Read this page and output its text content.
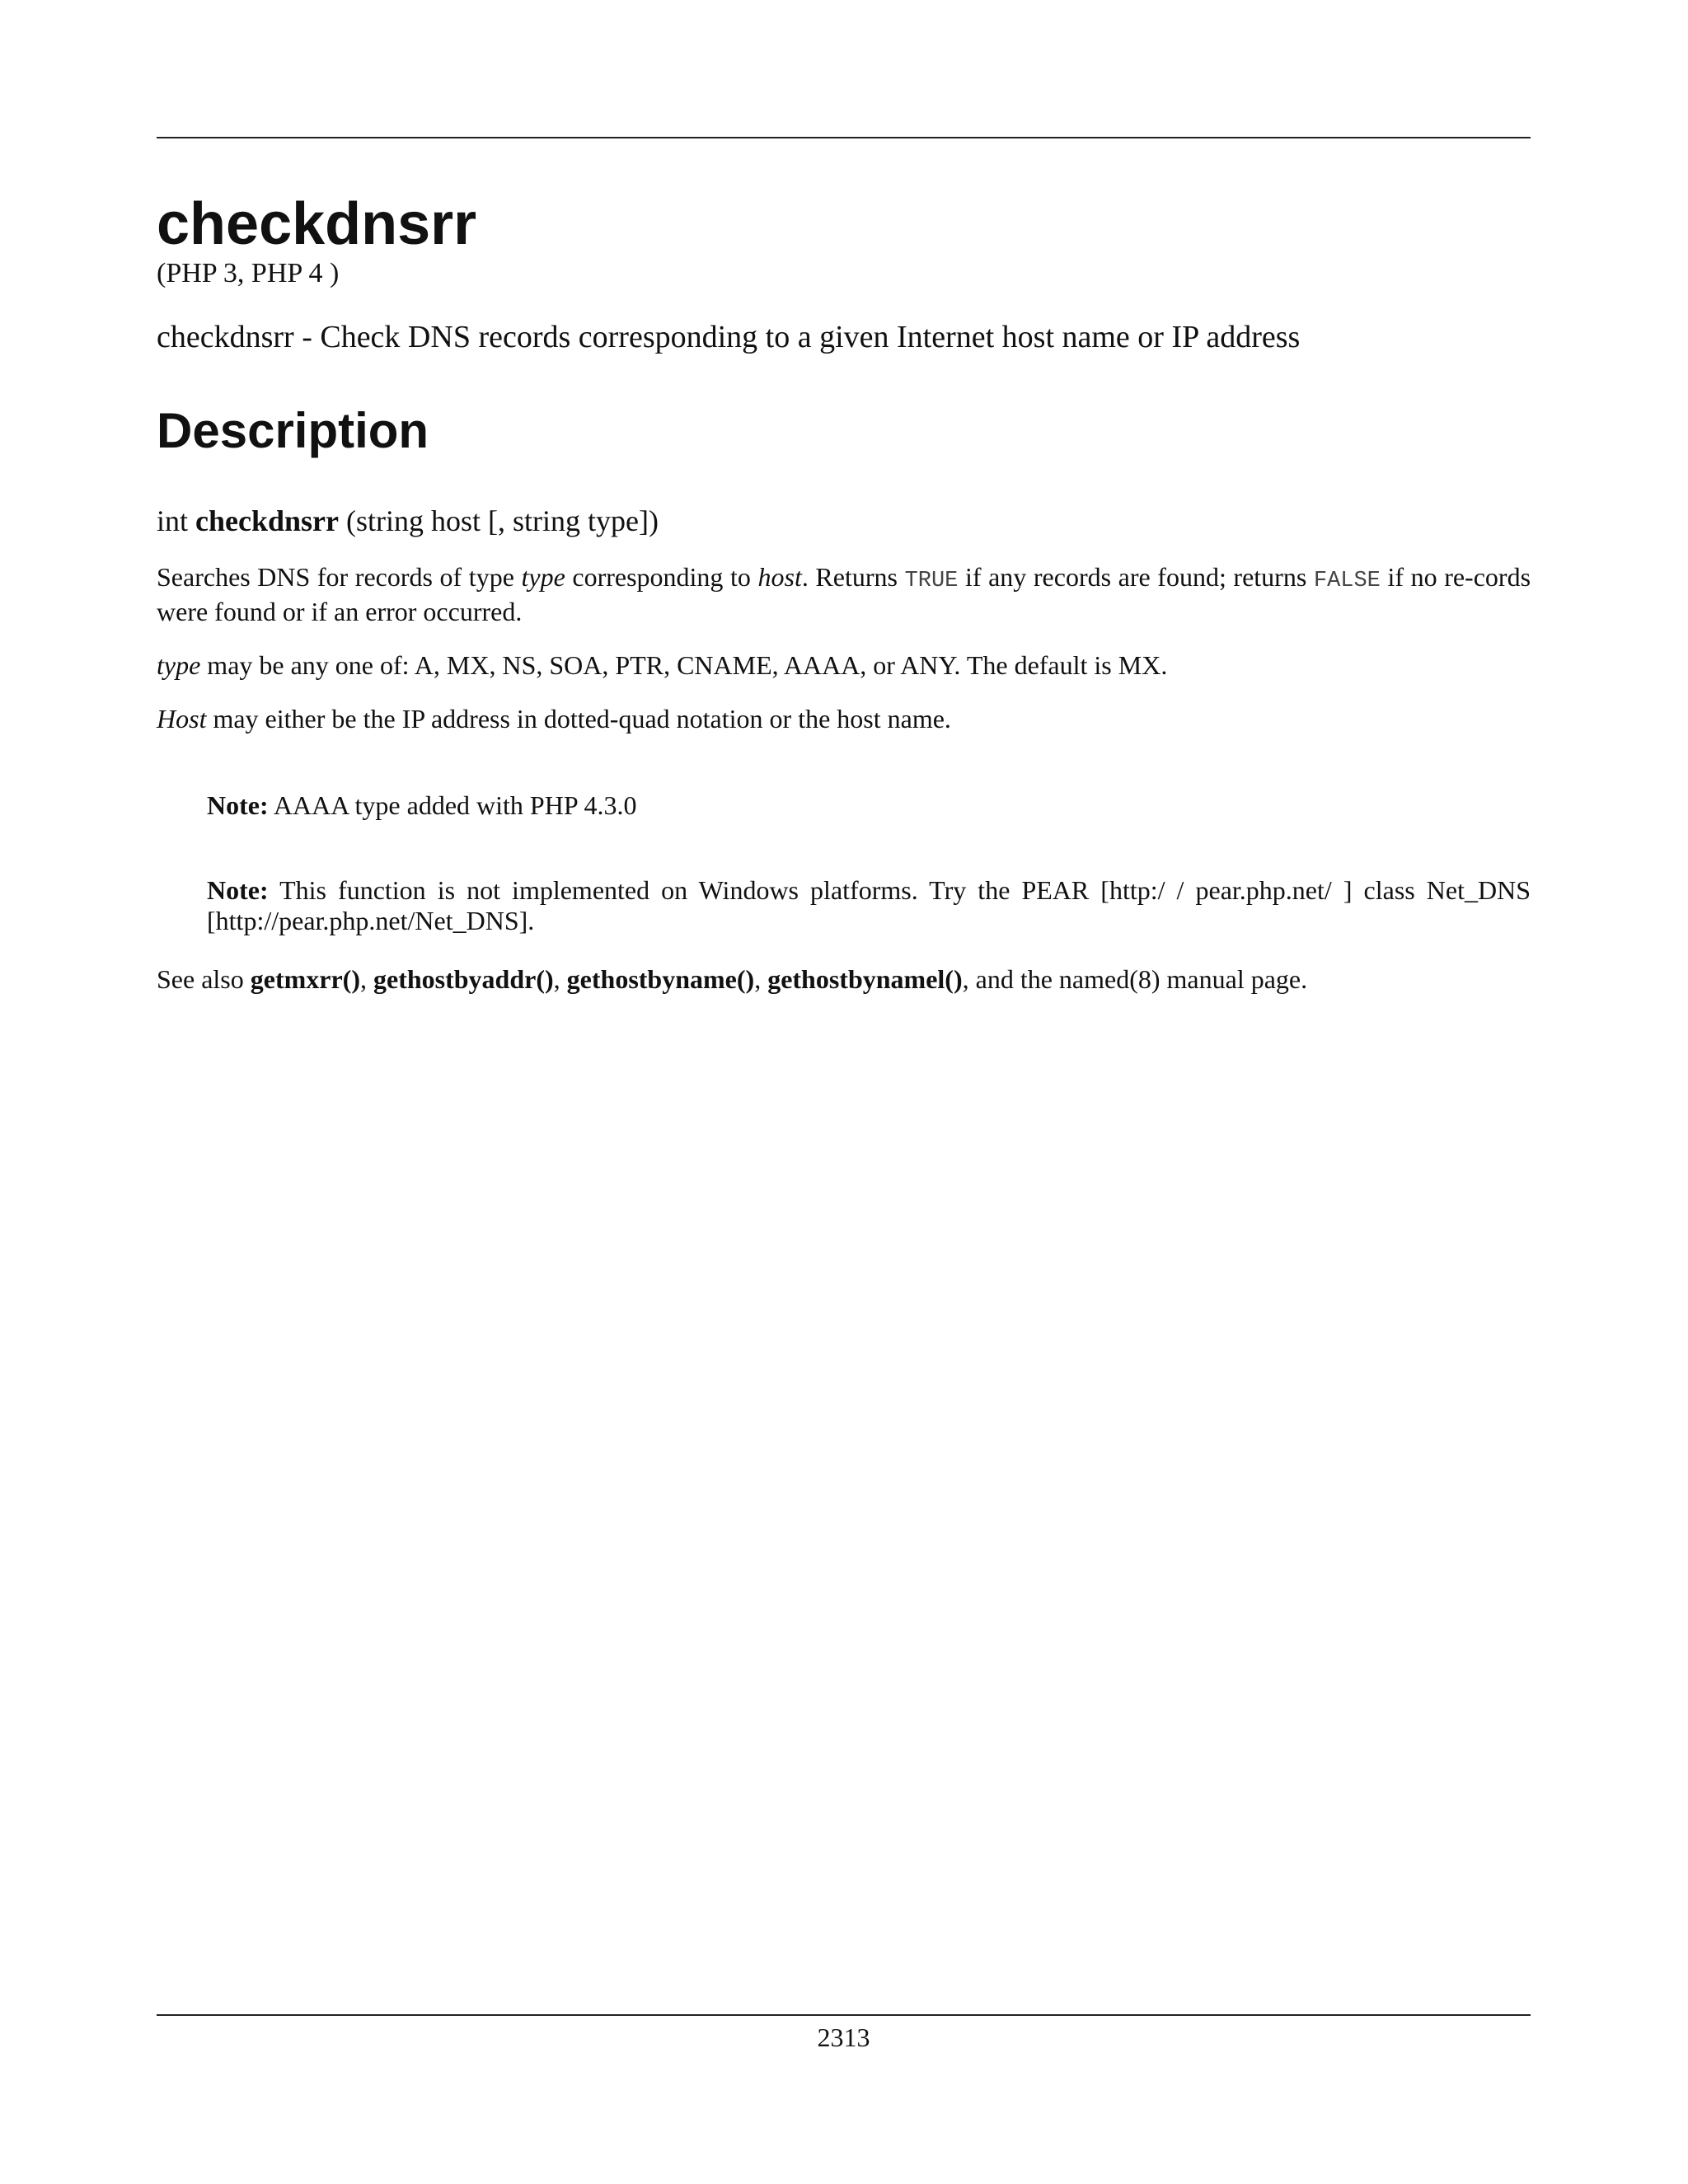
checkdnsrr

(PHP 3, PHP 4 )

checkdnsrr - Check DNS records corresponding to a given Internet host name or IP address

Description

int checkdnsrr (string host [, string type])

Searches DNS for records of type type corresponding to host. Returns TRUE if any records are found; returns FALSE if no re-cords were found or if an error occurred.

type may be any one of: A, MX, NS, SOA, PTR, CNAME, AAAA, or ANY. The default is MX.

Host may either be the IP address in dotted-quad notation or the host name.

Note: AAAA type added with PHP 4.3.0

Note: This function is not implemented on Windows platforms. Try the PEAR [http:/ / pear.php.net/ ] class Net_DNS [http://pear.php.net/Net_DNS].

See also getmxrr(), gethostbyaddr(), gethostbyname(), gethostbynamel(), and the named(8) manual page.

2313
